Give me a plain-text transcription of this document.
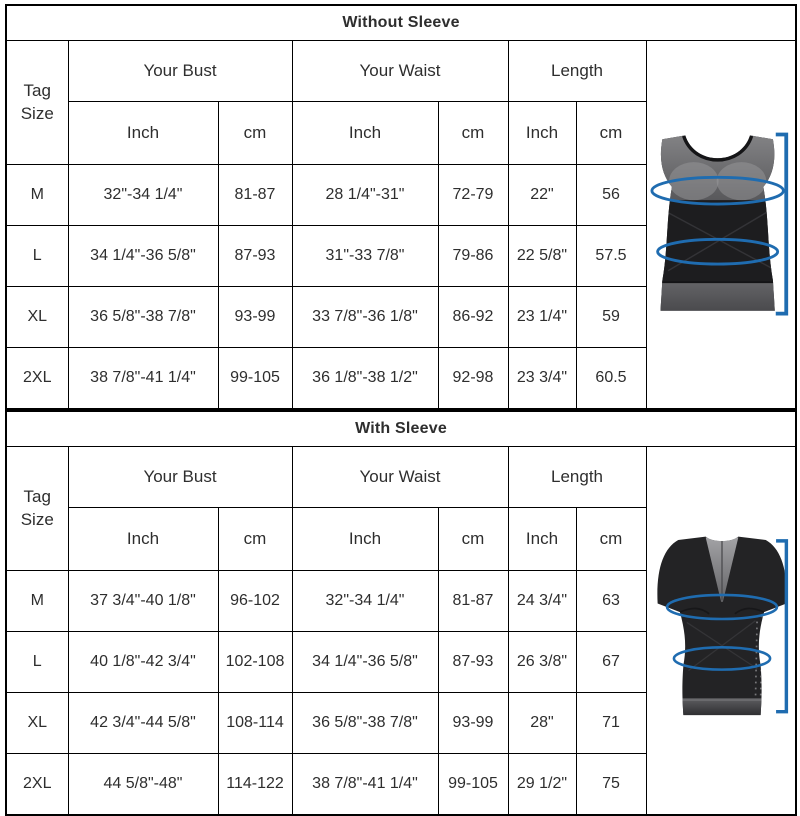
Without Sleeve							
Tag Size	Your Bust		Your Waist		Length	

	Inch	cm	Inch	cm	Inch	cm	
M	32"-34 1/4"	81-87	28 1/4"-31"	72-79	22"	56	
L	34 1/4"-36 5/8"	87-93	31"-33 7/8"	79-86	22 5/8"	57.5	
XL	36 5/8"-38 7/8"	93-99	33 7/8"-36 1/8"	86-92	23 1/4"	59	
2XL	38 7/8"-41 1/4"	99-105	36 1/8"-38 1/2"	92-98	23 3/4"	60.5	
With Sleeve							
Tag Size	Your Bust		Your Waist		Length	

	Inch	cm	Inch	cm	Inch	cm	
M	37 3/4"-40 1/8"	96-102	32"-34 1/4"	81-87	24 3/4"	63	
L	40 1/8"-42 3/4"	102-108	34 1/4"-36 5/8"	87-93	26 3/8"	67	
XL	42 3/4"-44 5/8"	108-114	36 5/8"-38 7/8"	93-99	28"	71	
2XL	44 5/8"-48"	114-122	38 7/8"-41 1/4"	99-105	29 1/2"	75	
